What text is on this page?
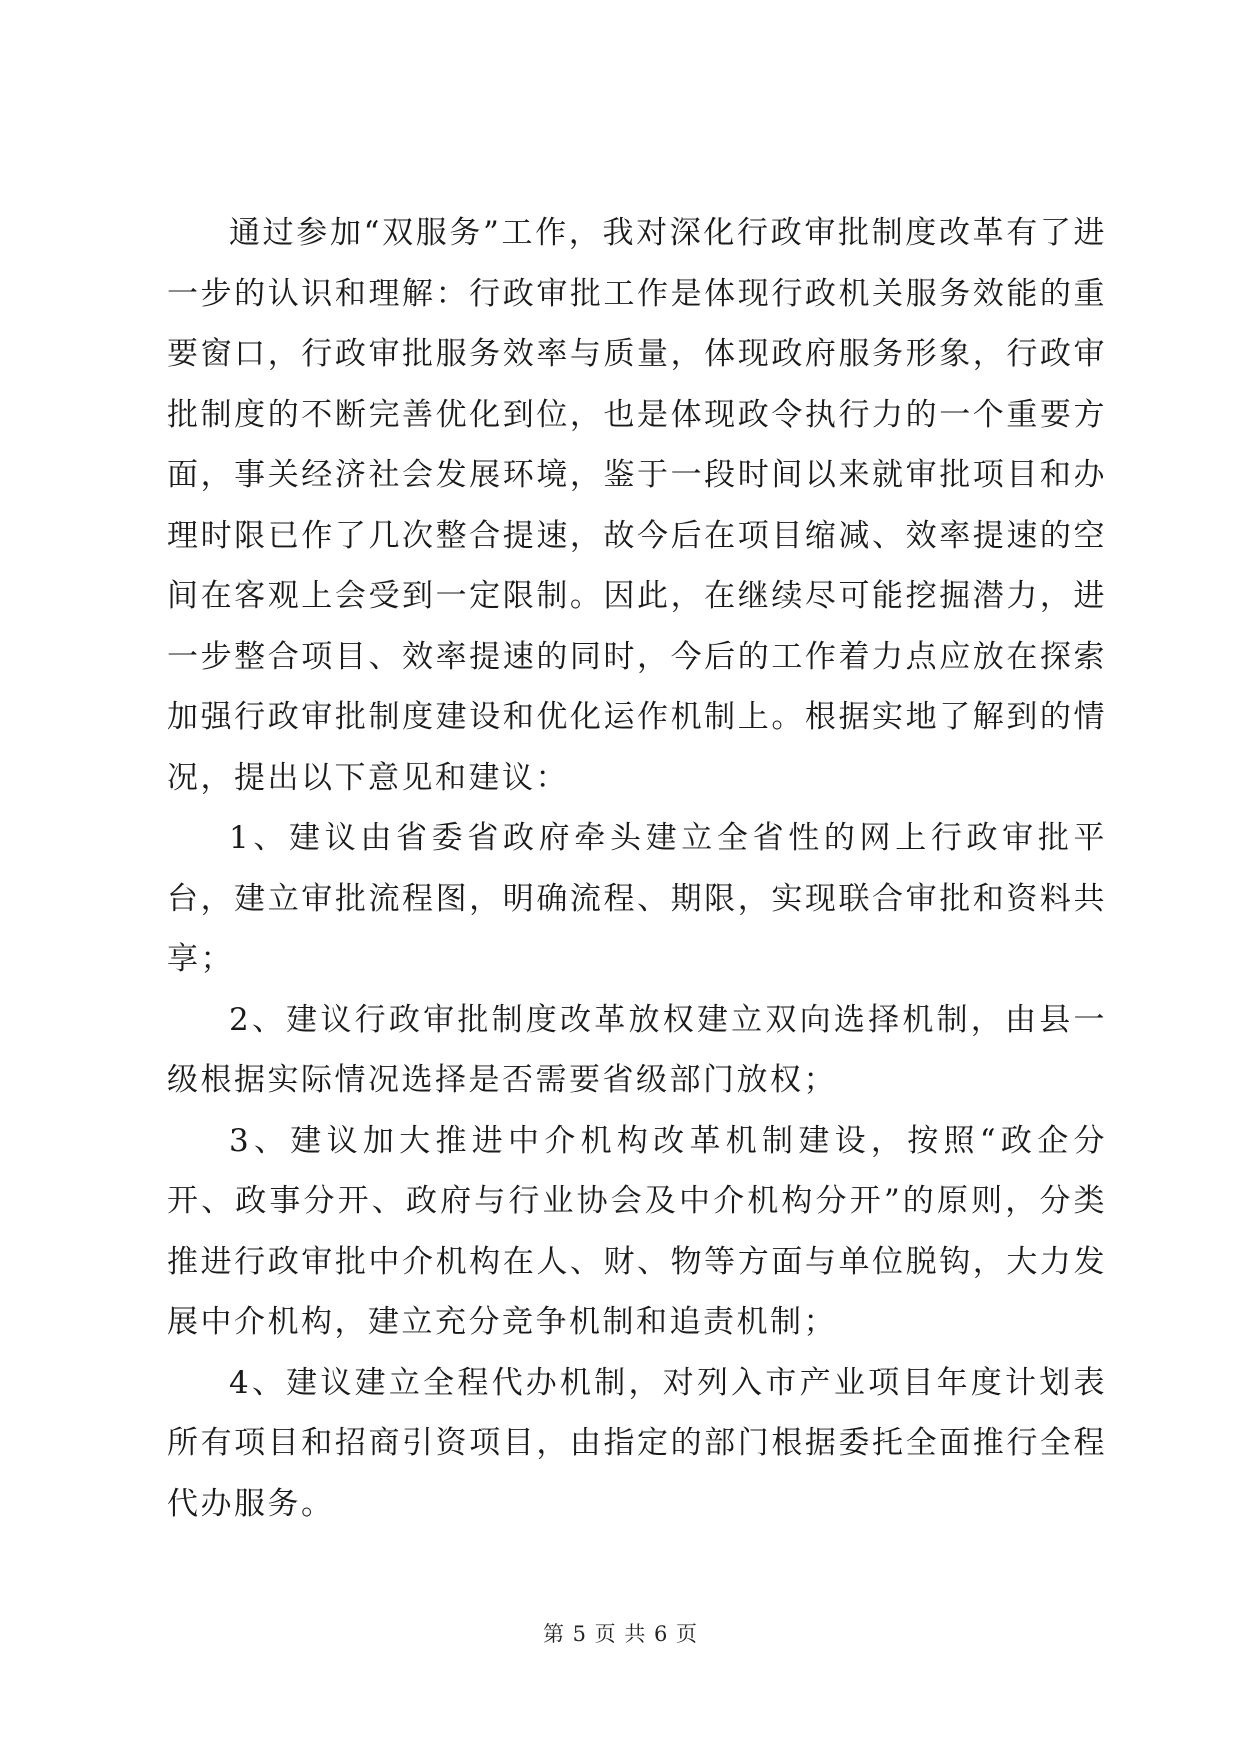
通过参加“双服务”工作，我对深化行政审批制度改革有了进一步的认识和理解：行政审批工作是体现行政机关服务效能的重要窗口，行政审批服务效率与质量，体现政府服务形象，行政审批制度的不断完善优化到位，也是体现政令执行力的一个重要方面，事关经济社会发展环境，鉴于一段时间以来就审批项目和办理时限已作了几次整合提速，故今后在项目缩减、效率提速的空间在客观上会受到一定限制。因此，在继续尽可能挖掘潜力，进一步整合项目、效率提速的同时，今后的工作着力点应放在探索加强行政审批制度建设和优化运作机制上。根据实地了解到的情况，提出以下意见和建议：

1、建议由省委省政府牵头建立全省性的网上行政审批平台，建立审批流程图，明确流程、期限，实现联合审批和资料共享；

2、建议行政审批制度改革放权建立双向选择机制，由县一级根据实际情况选择是否需要省级部门放权；

3、建议加大推进中介机构改革机制建设，按照“政企分开、政事分开、政府与行业协会及中介机构分开”的原则，分类推进行政审批中介机构在人、财、物等方面与单位脱钩，大力发展中介机构，建立充分竞争机制和追责机制；

4、建议建立全程代办机制，对列入市产业项目年度计划表所有项目和招商引资项目，由指定的部门根据委托全面推行全程代办服务。

第 5 页 共 6 页
